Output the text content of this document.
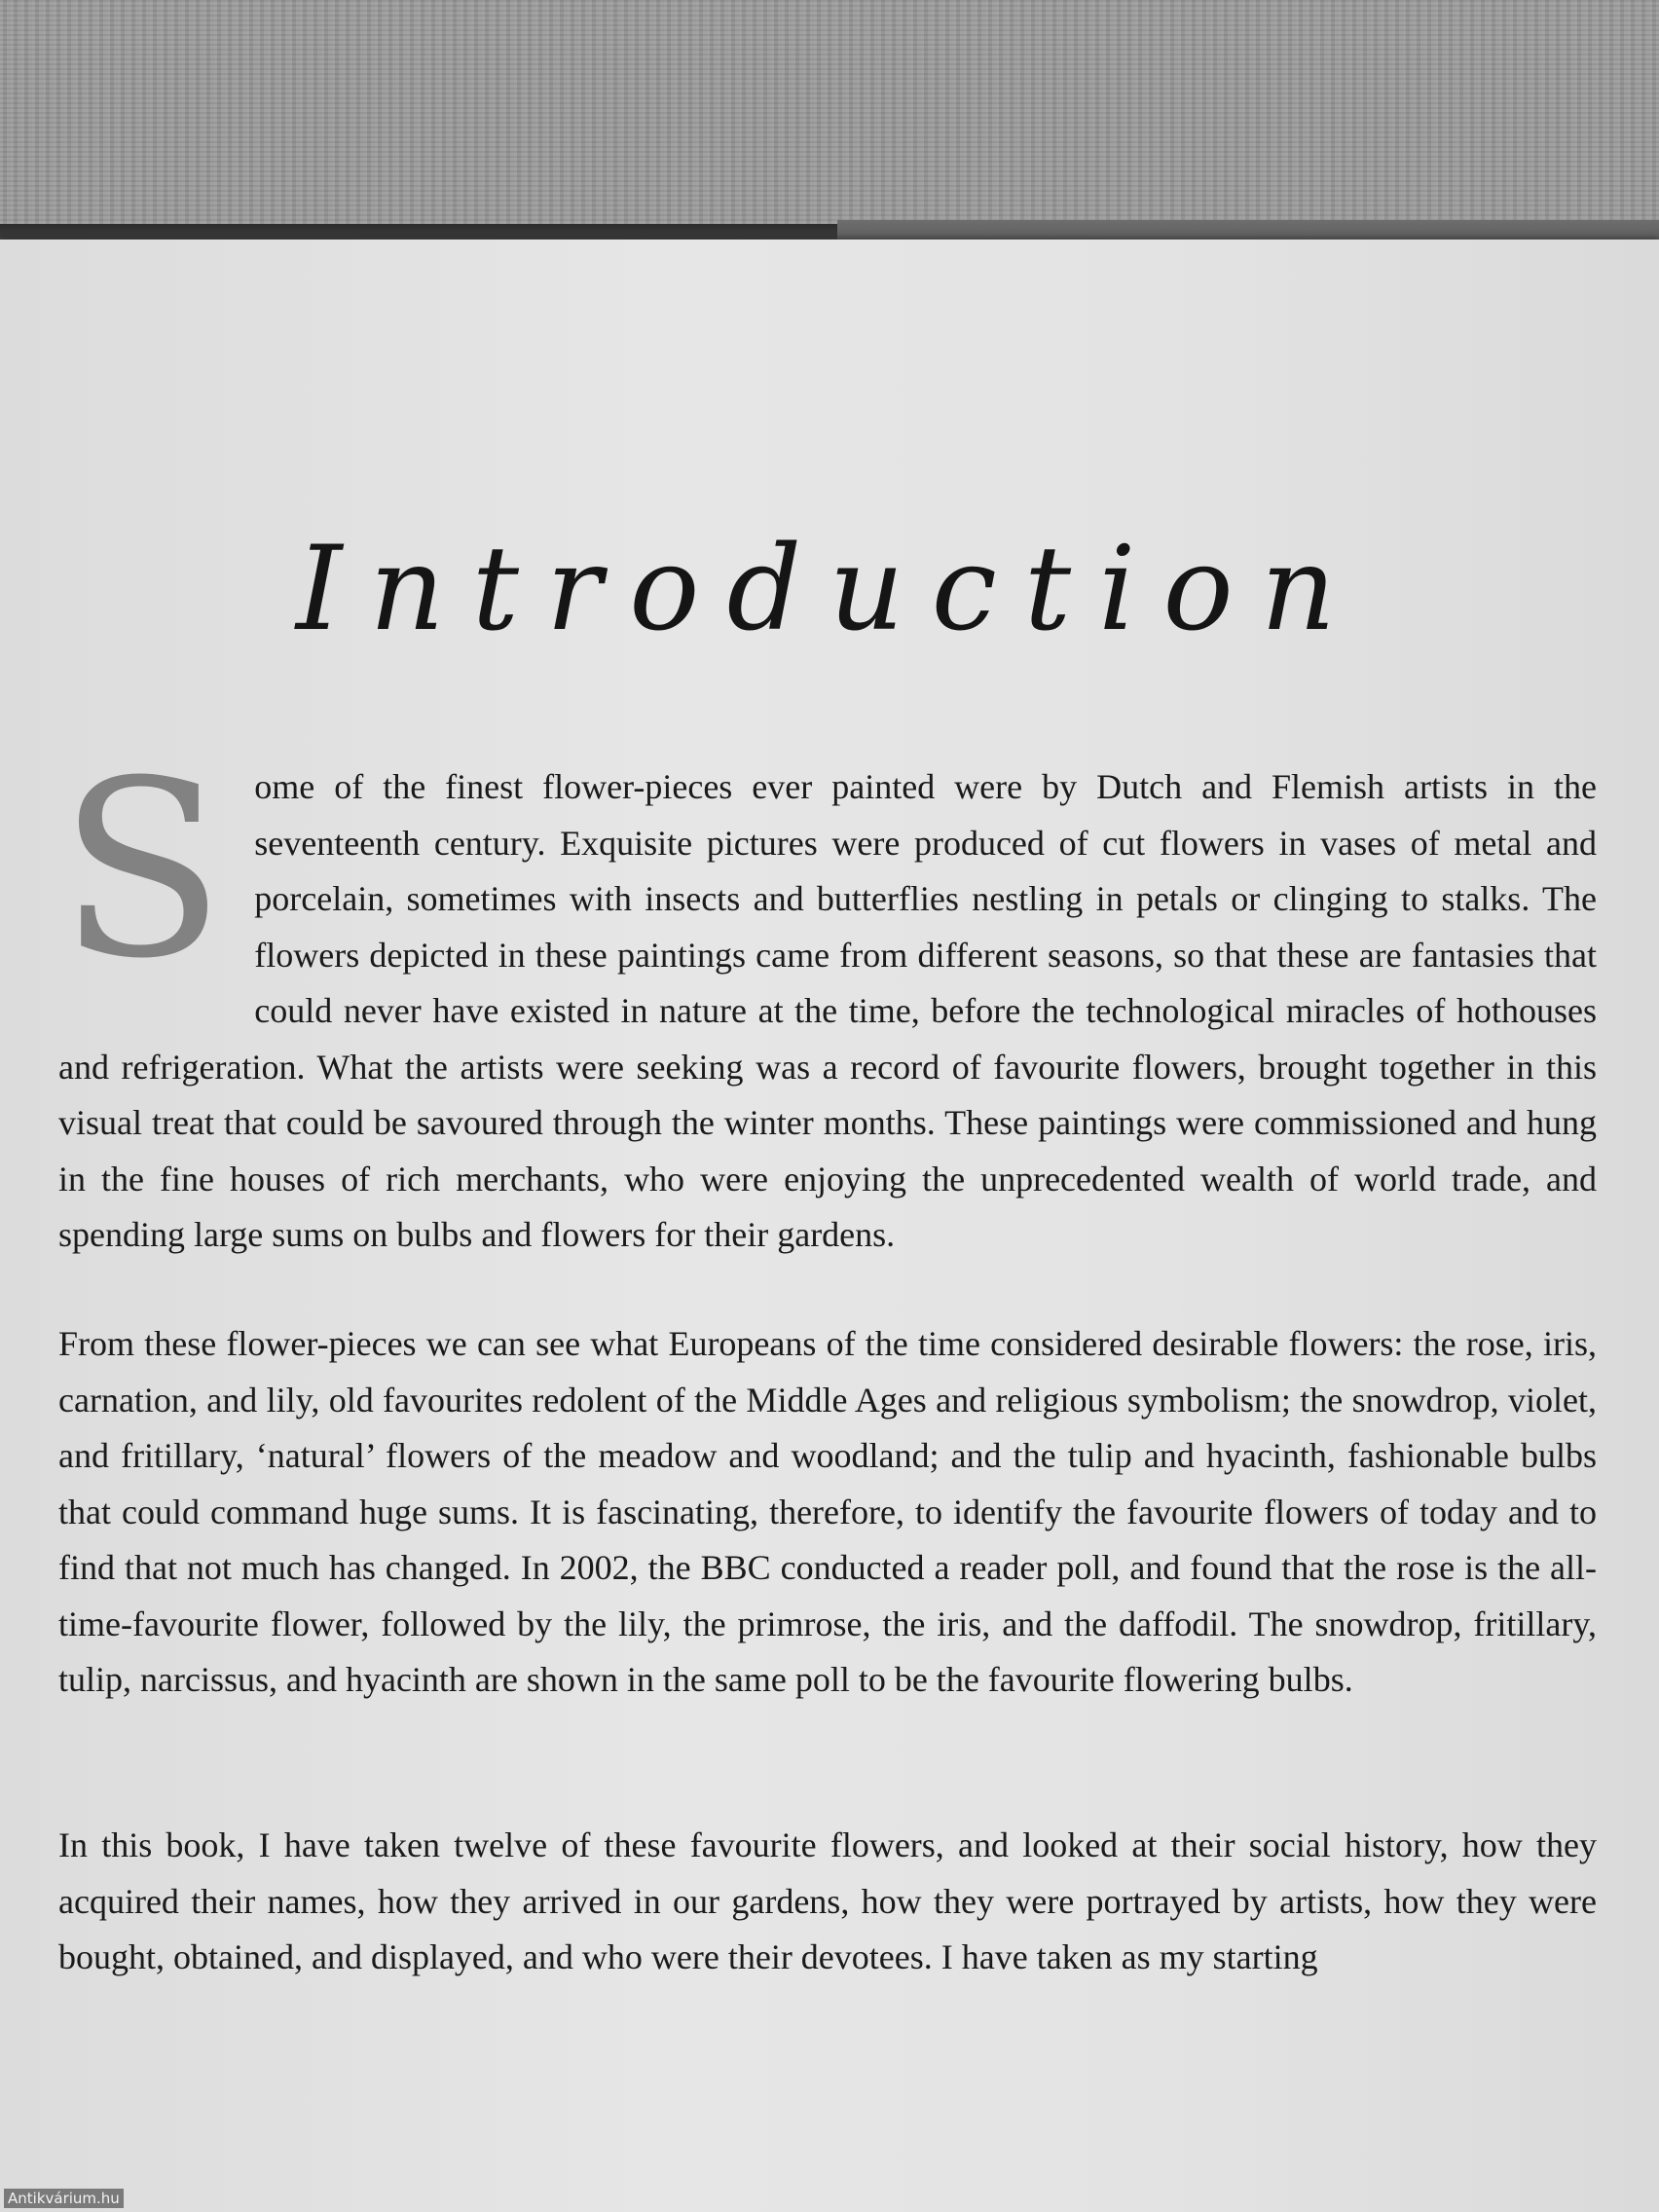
Introduction

Some of the finest flower-pieces ever painted were by Dutch and Flemish artists in the seventeenth century. Exquisite pictures were produced of cut flowers in vases of metal and porcelain, sometimes with insects and butterflies nestling in petals or clinging to stalks. The flowers depicted in these paintings came from different seasons, so that these are fantasies that could never have existed in nature at the time, before the technological miracles of hothouses and refrigeration. What the artists were seeking was a record of favourite flowers, brought together in this visual treat that could be savoured through the winter months. These paintings were commissioned and hung in the fine houses of rich merchants, who were enjoying the unprecedented wealth of world trade, and spending large sums on bulbs and flowers for their gardens.

From these flower-pieces we can see what Europeans of the time considered desirable flowers: the rose, iris, carnation, and lily, old favourites redolent of the Middle Ages and religious symbolism; the snowdrop, violet, and fritillary, ‘natural’ flowers of the meadow and woodland; and the tulip and hyacinth, fashionable bulbs that could command huge sums. It is fascinating, therefore, to identify the favourite flowers of today and to find that not much has changed. In 2002, the BBC conducted a reader poll, and found that the rose is the all-time-favourite flower, followed by the lily, the primrose, the iris, and the daffodil. The snowdrop, fritillary, tulip, narcissus, and hyacinth are shown in the same poll to be the favourite flowering bulbs.

In this book, I have taken twelve of these favourite flowers, and looked at their social history, how they acquired their names, how they arrived in our gardens, how they were portrayed by artists, how they were bought, obtained, and displayed, and who were their devotees. I have taken as my starting

Antikvárium.hu
